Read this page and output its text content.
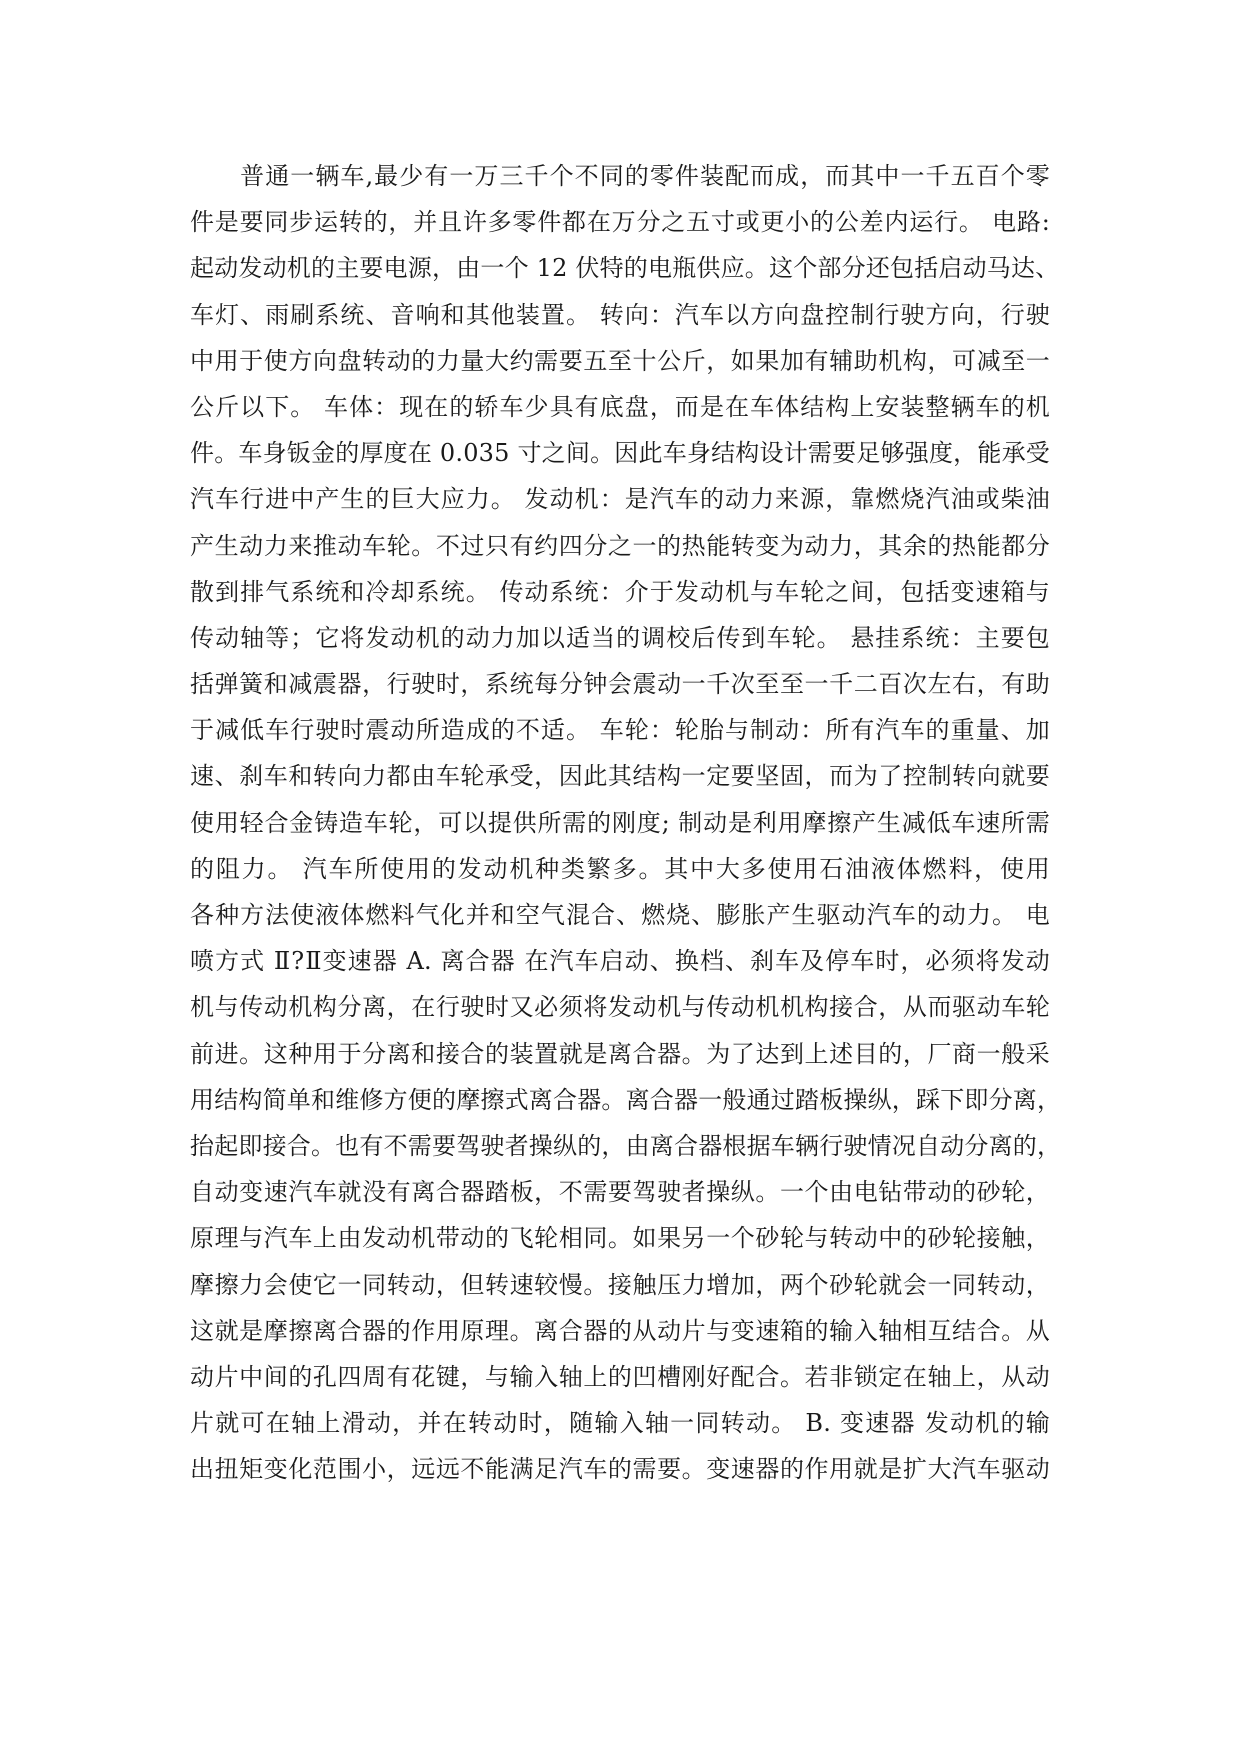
　　普通一辆车,最少有一万三千个不同的零件装配而成，而其中一千五百个零
件是要同步运转的，并且许多零件都在万分之五寸或更小的公差内运行。 电路:
起动发动机的主要电源，由一个 12 伏特的电瓶供应。这个部分还包括启动马达、
车灯、雨刷系统、音响和其他装置。 转向：汽车以方向盘控制行驶方向，行驶
中用于使方向盘转动的力量大约需要五至十公斤，如果加有辅助机构，可减至一
公斤以下。 车体：现在的轿车少具有底盘，而是在车体结构上安装整辆车的机
件。车身钣金的厚度在 0.035 寸之间。因此车身结构设计需要足够强度，能承受
汽车行进中产生的巨大应力。 发动机：是汽车的动力来源，靠燃烧汽油或柴油
产生动力来推动车轮。不过只有约四分之一的热能转变为动力，其余的热能都分
散到排气系统和冷却系统。 传动系统：介于发动机与车轮之间，包括变速箱与
传动轴等；它将发动机的动力加以适当的调校后传到车轮。 悬挂系统：主要包
括弹簧和减震器，行驶时，系统每分钟会震动一千次至至一千二百次左右，有助
于减低车行驶时震动所造成的不适。 车轮：轮胎与制动：所有汽车的重量、加
速、刹车和转向力都由车轮承受，因此其结构一定要坚固，而为了控制转向就要
使用轻合金铸造车轮，可以提供所需的刚度; 制动是利用摩擦产生减低车速所需
的阻力。 汽车所使用的发动机种类繁多。其中大多使用石油液体燃料，使用
各种方法使液体燃料气化并和空气混合、燃烧、膨胀产生驱动汽车的动力。 电
喷方式 Ⅱ?Ⅱ变速器 A. 离合器 在汽车启动、换档、刹车及停车时，必须将发动
机与传动机构分离，在行驶时又必须将发动机与传动机机构接合，从而驱动车轮
前进。这种用于分离和接合的装置就是离合器。为了达到上述目的，厂商一般采
用结构简单和维修方便的摩擦式离合器。离合器一般通过踏板操纵，踩下即分离，
抬起即接合。也有不需要驾驶者操纵的，由离合器根据车辆行驶情况自动分离的，
自动变速汽车就没有离合器踏板，不需要驾驶者操纵。一个由电钻带动的砂轮，
原理与汽车上由发动机带动的飞轮相同。如果另一个砂轮与转动中的砂轮接触，
摩擦力会使它一同转动，但转速较慢。接触压力增加，两个砂轮就会一同转动，
这就是摩擦离合器的作用原理。离合器的从动片与变速箱的输入轴相互结合。从
动片中间的孔四周有花键，与输入轴上的凹槽刚好配合。若非锁定在轴上，从动
片就可在轴上滑动，并在转动时，随输入轴一同转动。 B. 变速器 发动机的输
出扭矩变化范围小，远远不能满足汽车的需要。变速器的作用就是扩大汽车驱动
